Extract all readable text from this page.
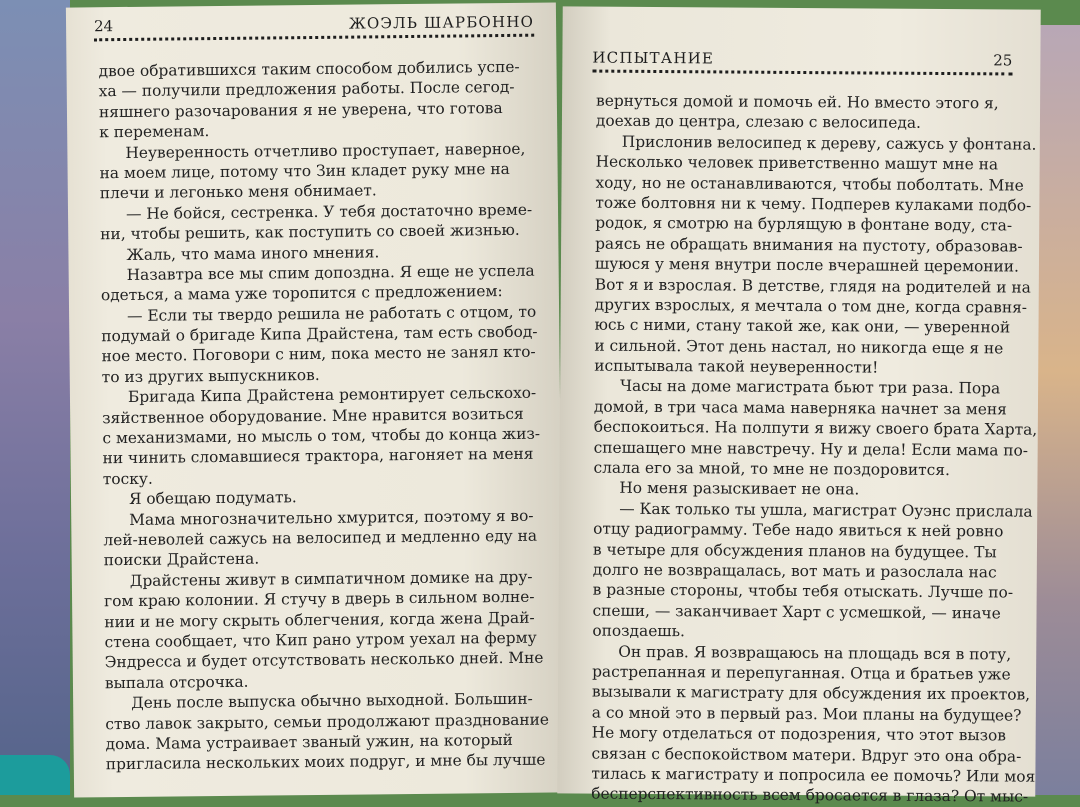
24	ЖОЭЛЬ ШАРБОННО
двое обратившихся таким способом добились успе-
ха — получили предложения работы. После сегод-
няшнего разочарования я не уверена, что готова
к переменам.
Неуверенность отчетливо проступает, наверное,
на моем лице, потому что Зин кладет руку мне на
плечи и легонько меня обнимает.
— Не бойся, сестренка. У тебя достаточно време-
ни, чтобы решить, как поступить со своей жизнью.
Жаль, что мама иного мнения.
Назавтра все мы спим допоздна. Я еще не успела
одеться, а мама уже торопится с предложением:
— Если ты твердо решила не работать с отцом, то
подумай о бригаде Кипа Драйстена, там есть свобод-
ное место. Поговори с ним, пока место не занял кто-
то из других выпускников.
Бригада Кипа Драйстена ремонтирует сельскохо-
зяйственное оборудование. Мне нравится возиться
с механизмами, но мысль о том, чтобы до конца жиз-
ни чинить сломавшиеся трактора, нагоняет на меня
тоску.
Я обещаю подумать.
Мама многозначительно хмурится, поэтому я во-
лей-неволей сажусь на велосипед и медленно еду на
поиски Драйстена.
Драйстены живут в симпатичном домике на дру-
гом краю колонии. Я стучу в дверь в сильном волне-
нии и не могу скрыть облегчения, когда жена Драй-
стена сообщает, что Кип рано утром уехал на ферму
Эндресса и будет отсутствовать несколько дней. Мне
выпала отсрочка.
День после выпуска обычно выходной. Большин-
ство лавок закрыто, семьи продолжают празднование
дома. Мама устраивает званый ужин, на который
пригласила нескольких моих подруг, и мне бы лучше
ИСПЫТАНИЕ	25
вернуться домой и помочь ей. Но вместо этого я,
доехав до центра, слезаю с велосипеда.
Прислонив велосипед к дереву, сажусь у фонтана.
Несколько человек приветственно машут мне на
ходу, но не останавливаются, чтобы поболтать. Мне
тоже болтовня ни к чему. Подперев кулаками подбо-
родок, я смотрю на бурлящую в фонтане воду, ста-
раясь не обращать внимания на пустоту, образовав-
шуюся у меня внутри после вчерашней церемонии.
Вот я и взрослая. В детстве, глядя на родителей и на
других взрослых, я мечтала о том дне, когда сравня-
юсь с ними, стану такой же, как они, — уверенной
и сильной. Этот день настал, но никогда еще я не
испытывала такой неуверенности!
Часы на доме магистрата бьют три раза. Пора
домой, в три часа мама наверняка начнет за меня
беспокоиться. На полпути я вижу своего брата Харта,
спешащего мне навстречу. Ну и дела! Если мама по-
слала его за мной, то мне не поздоровится.
Но меня разыскивает не она.
— Как только ты ушла, магистрат Оуэнс прислала
отцу радиограмму. Тебе надо явиться к ней ровно
в четыре для обсуждения планов на будущее. Ты
долго не возвращалась, вот мать и разослала нас
в разные стороны, чтобы тебя отыскать. Лучше по-
спеши, — заканчивает Харт с усмешкой, — иначе
опоздаешь.
Он прав. Я возвращаюсь на площадь вся в поту,
растрепанная и перепуганная. Отца и братьев уже
вызывали к магистрату для обсуждения их проектов,
а со мной это в первый раз. Мои планы на будущее?
Не могу отделаться от подозрения, что этот вызов
связан с беспокойством матери. Вдруг это она обра-
тилась к магистрату и попросила ее помочь? Или моя
бесперспективность всем бросается в глаза? От мыс-
